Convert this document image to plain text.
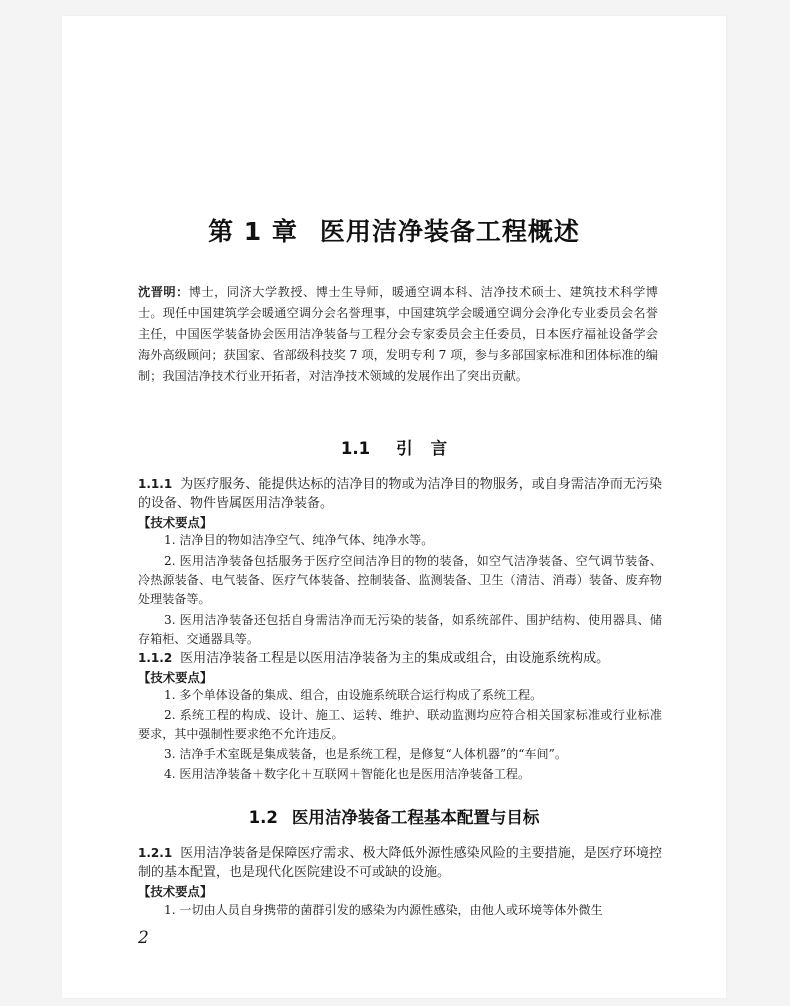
第 1 章 医用洁净装备工程概述

沈晋明：博士，同济大学教授、博士生导师，暖通空调本科、洁净技术硕士、建筑技术科学博士。现任中国建筑学会暖通空调分会名誉理事，中国建筑学会暖通空调分会净化专业委员会名誉主任，中国医学装备协会医用洁净装备与工程分会专家委员会主任委员，日本医疗福祉设备学会海外高级顾问；获国家、省部级科技奖 7 项，发明专利 7 项，参与多部国家标准和团体标准的编制；我国洁净技术行业开拓者，对洁净技术领域的发展作出了突出贡献。

1.1 引 言

1.1.1 为医疗服务、能提供达标的洁净目的物或为洁净目的物服务，或自身需洁净而无污染的设备、物件皆属医用洁净装备。

【技术要点】

1. 洁净目的物如洁净空气、纯净气体、纯净水等。

2. 医用洁净装备包括服务于医疗空间洁净目的物的装备，如空气洁净装备、空气调节装备、冷热源装备、电气装备、医疗气体装备、控制装备、监测装备、卫生（清洁、消毒）装备、废弃物处理装备等。

3. 医用洁净装备还包括自身需洁净而无污染的装备，如系统部件、围护结构、使用器具、储存箱柜、交通器具等。

1.1.2 医用洁净装备工程是以医用洁净装备为主的集成或组合，由设施系统构成。

【技术要点】

1. 多个单体设备的集成、组合，由设施系统联合运行构成了系统工程。

2. 系统工程的构成、设计、施工、运转、维护、联动监测均应符合相关国家标准或行业标准要求，其中强制性要求绝不允许违反。

3. 洁净手术室既是集成装备，也是系统工程，是修复“人体机器”的“车间”。

4. 医用洁净装备＋数字化＋互联网＋智能化也是医用洁净装备工程。

1.2 医用洁净装备工程基本配置与目标

1.2.1 医用洁净装备是保障医疗需求、极大降低外源性感染风险的主要措施，是医疗环境控制的基本配置，也是现代化医院建设不可或缺的设施。

【技术要点】

1. 一切由人员自身携带的菌群引发的感染为内源性感染，由他人或环境等体外微生

2
